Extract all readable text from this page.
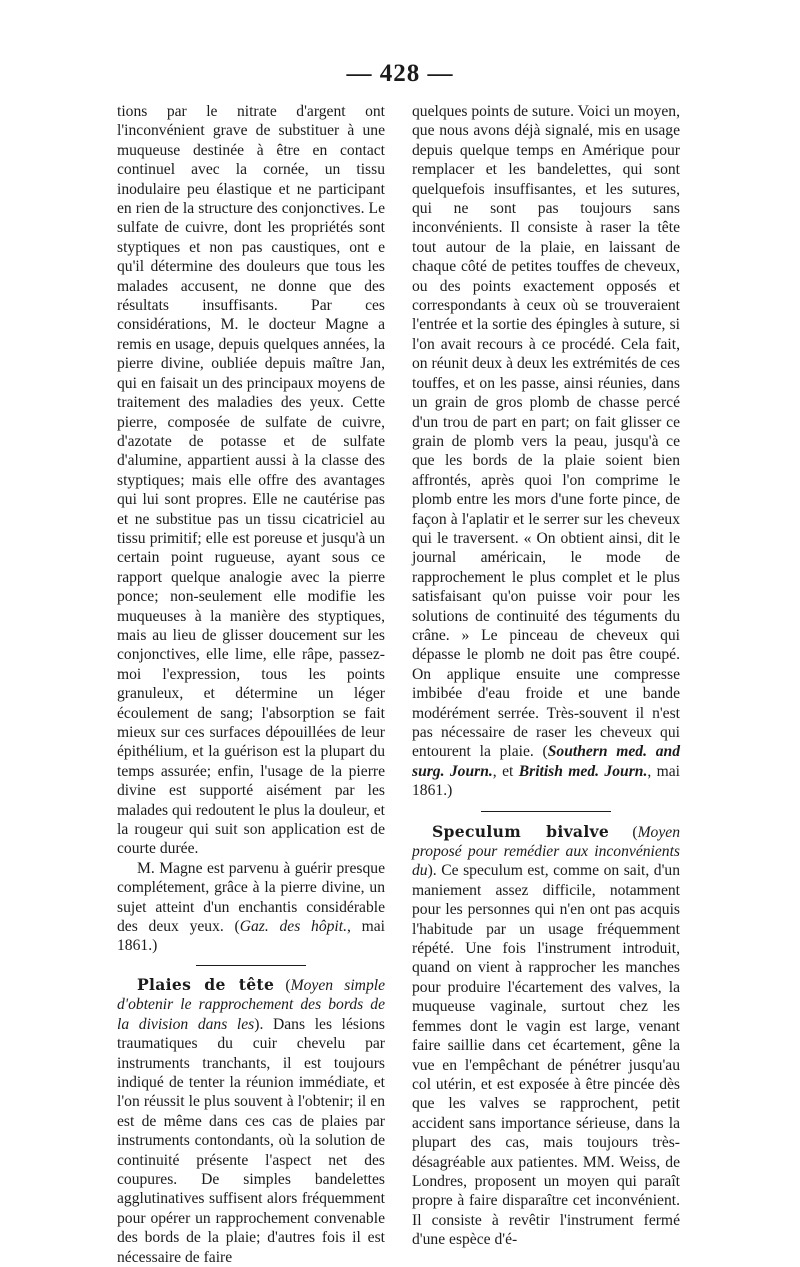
— 428 —

tions par le nitrate d'argent ont l'inconvénient grave de substituer à une muqueuse destinée à être en contact continuel avec la cornée, un tissu inodulaire peu élastique et ne participant en rien de la structure des conjonctives. Le sulfate de cuivre, dont les propriétés sont styptiques et non pas caustiques, ont e qu'il détermine des douleurs que tous les malades accusent, ne donne que des résultats insuffisants. Par ces considérations, M. le docteur Magne a remis en usage, depuis quelques années, la pierre divine, oubliée depuis maître Jan, qui en faisait un des principaux moyens de traitement des maladies des yeux. Cette pierre, composée de sulfate de cuivre, d'azotate de potasse et de sulfate d'alumine, appartient aussi à la classe des styptiques; mais elle offre des avantages qui lui sont propres. Elle ne cautérise pas et ne substitue pas un tissu cicatriciel au tissu primitif; elle est poreuse et jusqu'à un certain point rugueuse, ayant sous ce rapport quelque analogie avec la pierre ponce; non-seulement elle modifie les muqueuses à la manière des styptiques, mais au lieu de glisser doucement sur les conjonctives, elle lime, elle râpe, passez-moi l'expression, tous les points granuleux, et détermine un léger écoulement de sang; l'absorption se fait mieux sur ces surfaces dépouillées de leur épithélium, et la guérison est la plupart du temps assurée; enfin, l'usage de la pierre divine est supporté aisément par les malades qui redoutent le plus la douleur, et la rougeur qui suit son application est de courte durée.

M. Magne est parvenu à guérir presque complétement, grâce à la pierre divine, un sujet atteint d'un enchantis considérable des deux yeux. (Gaz. des hôpit., mai 1861.)

Plaies de tête (Moyen simple d'obtenir le rapprochement des bords de la division dans les). Dans les lésions traumatiques du cuir chevelu par instruments tranchants, il est toujours indiqué de tenter la réunion immédiate, et l'on réussit le plus souvent à l'obtenir; il en est de même dans ces cas de plaies par instruments contondants, où la solution de continuité présente l'aspect net des coupures. De simples bandelettes agglutinatives suffisent alors fréquemment pour opérer un rapprochement convenable des bords de la plaie; d'autres fois il est nécessaire de faire

quelques points de suture. Voici un moyen, que nous avons déjà signalé, mis en usage depuis quelque temps en Amérique pour remplacer et les bandelettes, qui sont quelquefois insuffisantes, et les sutures, qui ne sont pas toujours sans inconvénients. Il consiste à raser la tête tout autour de la plaie, en laissant de chaque côté de petites touffes de cheveux, ou des points exactement opposés et correspondants à ceux où se trouveraient l'entrée et la sortie des épingles à suture, si l'on avait recours à ce procédé. Cela fait, on réunit deux à deux les extrémités de ces touffes, et on les passe, ainsi réunies, dans un grain de gros plomb de chasse percé d'un trou de part en part; on fait glisser ce grain de plomb vers la peau, jusqu'à ce que les bords de la plaie soient bien affrontés, après quoi l'on comprime le plomb entre les mors d'une forte pince, de façon à l'aplatir et le serrer sur les cheveux qui le traversent. « On obtient ainsi, dit le journal américain, le mode de rapprochement le plus complet et le plus satisfaisant qu'on puisse voir pour les solutions de continuité des téguments du crâne. » Le pinceau de cheveux qui dépasse le plomb ne doit pas être coupé. On applique ensuite une compresse imbibée d'eau froide et une bande modérément serrée. Très-souvent il n'est pas nécessaire de raser les cheveux qui entourent la plaie. (Southern med. and surg. Journ., et British med. Journ., mai 1861.)

Speculum bivalve (Moyen proposé pour remédier aux inconvénients du). Ce speculum est, comme on sait, d'un maniement assez difficile, notamment pour les personnes qui n'en ont pas acquis l'habitude par un usage fréquemment répété. Une fois l'instrument introduit, quand on vient à rapprocher les manches pour produire l'écartement des valves, la muqueuse vaginale, surtout chez les femmes dont le vagin est large, venant faire saillie dans cet écartement, gêne la vue en l'empêchant de pénétrer jusqu'au col utérin, et est exposée à être pincée dès que les valves se rapprochent, petit accident sans importance sérieuse, dans la plupart des cas, mais toujours très-désagréable aux patientes. MM. Weiss, de Londres, proposent un moyen qui paraît propre à faire disparaître cet inconvénient. Il consiste à revêtir l'instrument fermé d'une espèce d'é-
